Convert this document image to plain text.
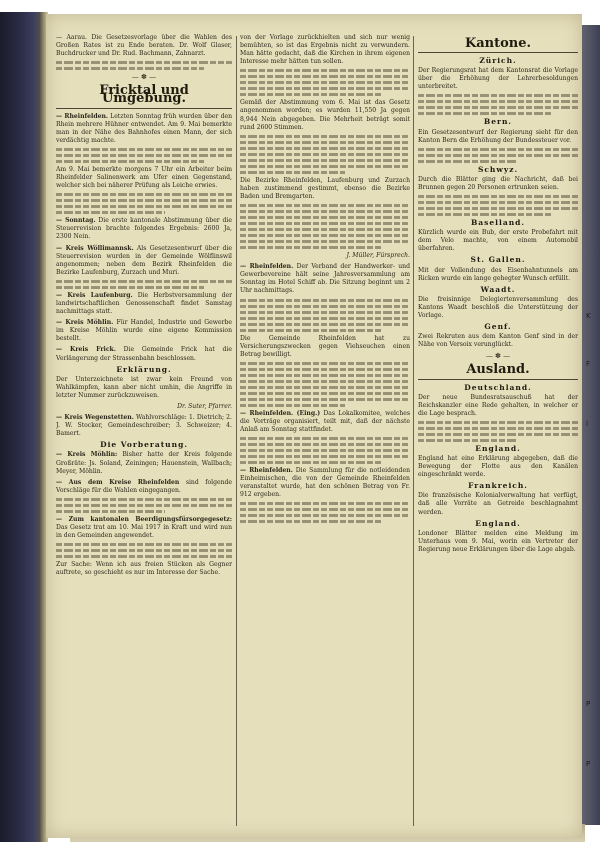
— Aarau. Die Gesetzesvorlage über die Wahlen des Großen Rates ist zu Ende beraten. Dr. Wolf Glaser, Buchdrucker und Dr. Rud. Bachmann, Zahnarzt.

— ✽ —
Fricktal und Umgebung.

— Rheinfelden. Letzten Sonntag früh wurden über den Rhein mehrere Hühner entwendet. Am 9. Mai bemerkte man in der Nähe des Bahnhofes einen Mann, der sich verdächtig machte.

Am 9. Mai bemerkte morgens 7 Uhr ein Arbeiter beim Rheinfelder Salinenwerk am Ufer einen Gegenstand, welcher sich bei näherer Prüfung als Leiche erwies.

— Sonntag. Die erste kantonale Abstimmung über die Steuerrevision brachte folgendes Ergebnis: 2600 Ja, 2300 Nein.

— Kreis Wöllimannsk. Als Gesetzesentwurf über die Steuerrevision wurden in der Gemeinde Wölflinswil angenommen; neben dem Bezirk Rheinfelden die Bezirke Laufenburg, Zurzach und Muri.

— Kreis Laufenburg. Die Herbstversammlung der landwirtschaftlichen Genossenschaft findet Samstag nachmittags statt.

— Kreis Möhlin. Für Handel, Industrie und Gewerbe im Kreise Möhlin wurde eine eigene Kommission bestellt.

— Kreis Frick. Die Gemeinde Frick hat die Verlängerung der Strassenbahn beschlossen.

Erklärung.

Der Unterzeichnete ist zwar kein Freund von Wahlkämpfen, kann aber nicht umhin, die Angriffe in letzter Nummer zurückzuweisen.

Dr. Suter, Pfarrer.

— Kreis Wegenstetten. Wahlvorschläge: 1. Dietrich; 2. J. W. Stocker, Gemeindeschreiber; 3. Schweizer; 4. Bamert.

Die Vorberatung.

— Kreis Möhlin: Bisher hatte der Kreis folgende Großräte: Js. Soland, Zeiningen; Hauenstein, Wallbach; Meyer, Möhlin.

— Aus dem Kreise Rheinfelden sind folgende Vorschläge für die Wahlen eingegangen.

— Zum kantonalen Beerdigungsfürsorgegesetz: Das Gesetz trat am 10. Mai 1917 in Kraft und wird nun in den Gemeinden angewendet.

Zur Sache: Wenn ich aus freien Stücken als Gegner auftrete, so geschieht es nur im Interesse der Sache.

von der Vorlage zurückhielten und sich nur wenig bemühten, so ist das Ergebnis nicht zu verwundern. Man hätte gedacht, daß die Kirchen in ihrem eigenen Interesse mehr hätten tun sollen.

Gemäß der Abstimmung vom 6. Mai ist das Gesetz angenommen worden; es wurden 11,550 Ja gegen 8,944 Nein abgegeben. Die Mehrheit beträgt somit rund 2600 Stimmen.

Die Bezirke Rheinfelden, Laufenburg und Zurzach haben zustimmend gestimmt, ebenso die Bezirke Baden und Bremgarten.

J. Müller, Fürsprech.

— Rheinfelden. Der Verband der Handwerker- und Gewerbevereine hält seine Jahresversammlung am Sonntag im Hotel Schiff ab. Die Sitzung beginnt um 2 Uhr nachmittags.

Die Gemeinde Rheinfelden hat zu Versicherungszwecken gegen Viehseuchen einen Betrag bewilligt.

— Rheinfelden. (Eing.) Das Lokalkomitee, welches die Vorträge organisiert, teilt mit, daß der nächste Anlaß am Sonntag stattfindet.

— Rheinfelden. Die Sammlung für die notleidenden Einheimischen, die von der Gemeinde Rheinfelden veranstaltet wurde, hat den schönen Betrag von Fr. 912 ergeben.

Kantone.
Zürich.

Der Regierungsrat hat dem Kantonsrat die Vorlage über die Erhöhung der Lehrerbesoldungen unterbreitet.

Bern.

Ein Gesetzesentwurf der Regierung sieht für den Kanton Bern die Erhöhung der Bundessteuer vor.

Schwyz.

Durch die Blätter ging die Nachricht, daß bei Brunnen gegen 20 Personen ertrunken seien.

Baselland.

Kürzlich wurde ein Bub, der erste Probefahrt mit dem Velo machte, von einem Automobil überfahren.

St. Gallen.

Mit der Vollendung des Eisenbahntunnels am Ricken wurde ein lange gehegter Wunsch erfüllt.

Waadt.

Die freisinnige Delegiertenversammlung des Kantons Waadt beschloß die Unterstützung der Vorlage.

Genf.

Zwei Rekruten aus dem Kanton Genf sind in der Nähe von Versoix verunglückt.

— ✽ —
Ausland.
Deutschland.

Der neue Bundesratsauschuß hat der Reichskanzler eine Rede gehalten, in welcher er die Lage besprach.

England.

England hat eine Erklärung abgegeben, daß die Bewegung der Flotte aus den Kanälen eingeschränkt werde.

Frankreich.

Die französische Kolonialverwaltung hat verfügt, daß alle Vorräte an Getreide beschlagnahmt werden.

England.

Londoner Blätter melden eine Meldung im Unterhaus vom 9. Mai, worin ein Vertreter der Regierung neue Erklärungen über die Lage abgab.

K
F
l
P
P
